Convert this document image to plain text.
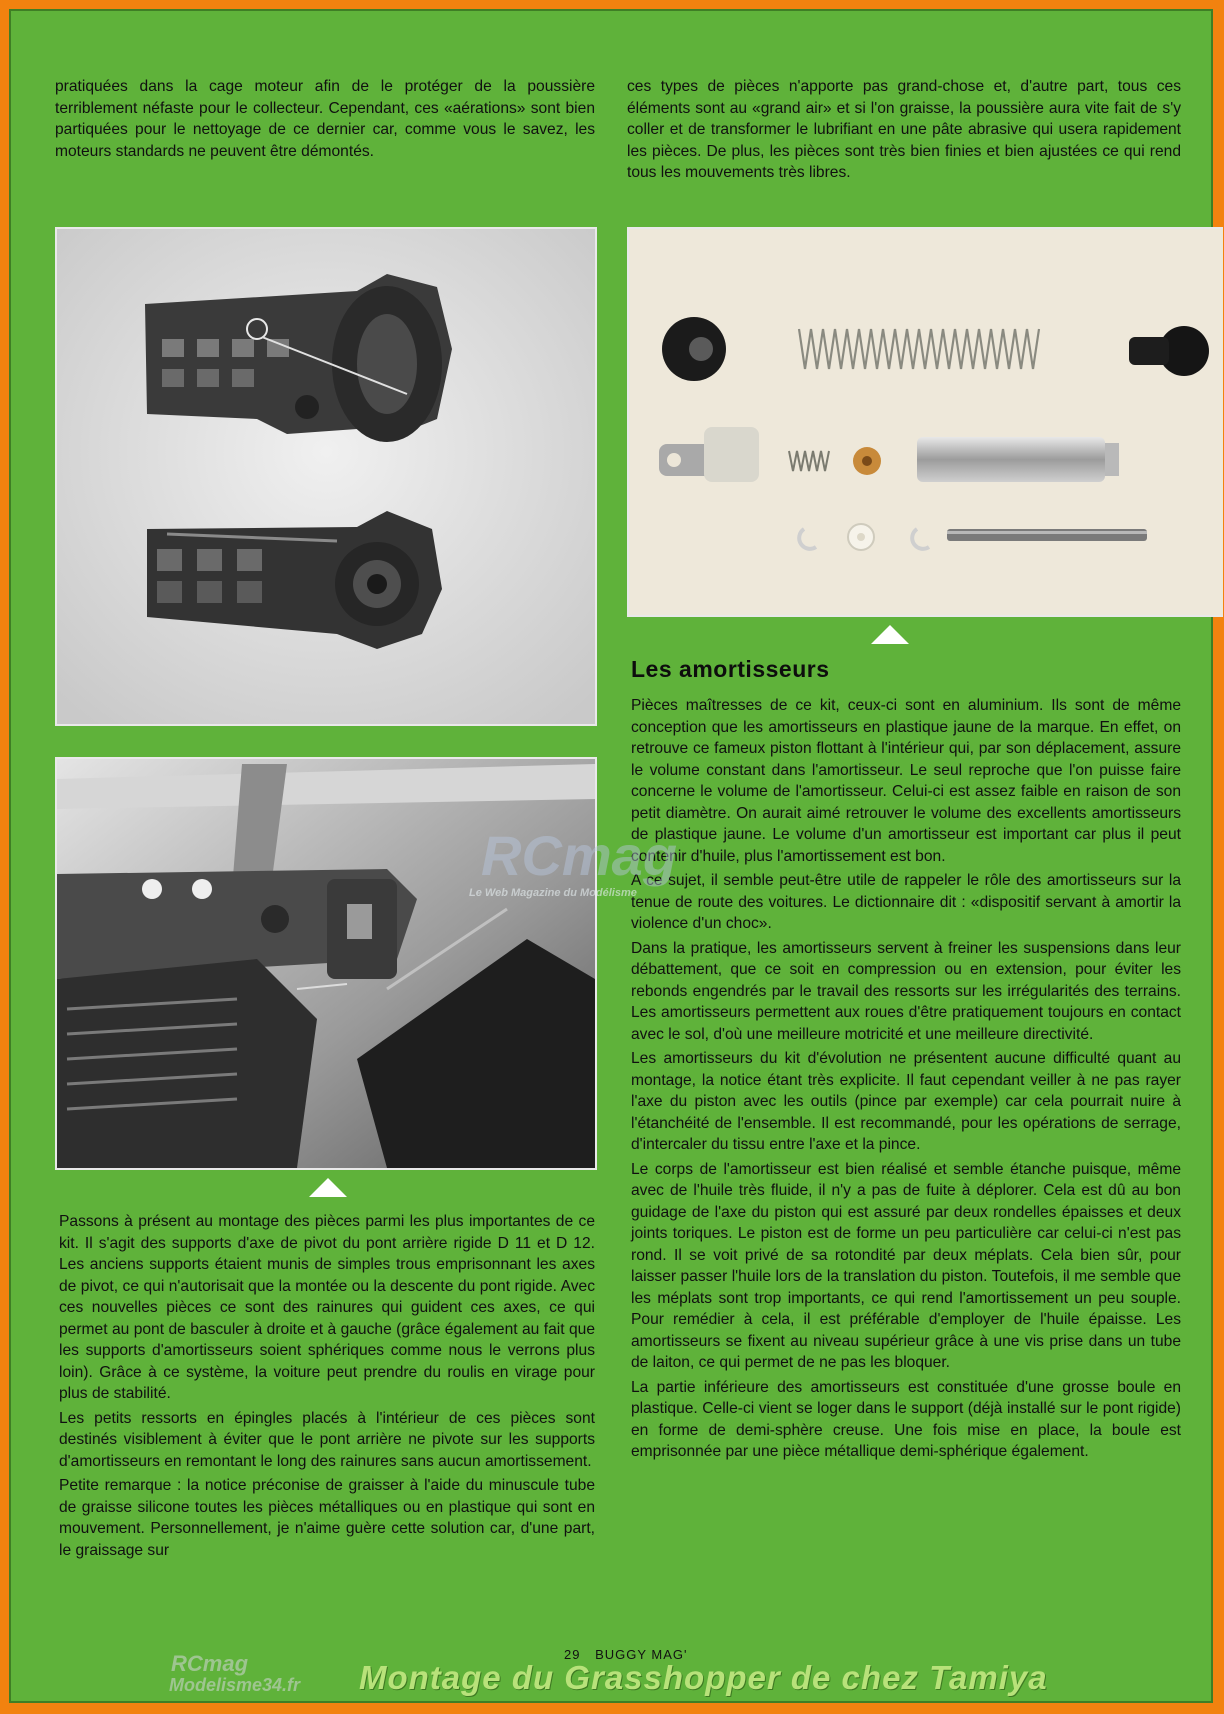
pratiquées dans la cage moteur afin de le protéger de la poussière terriblement néfaste pour le collecteur. Cependant, ces «aérations» sont bien partiquées pour le nettoyage de ce dernier car, comme vous le savez, les moteurs standards ne peuvent être démontés.

ces types de pièces n'apporte pas grand-chose et, d'autre part, tous ces éléments sont au «grand air» et si l'on graisse, la poussière aura vite fait de s'y coller et de transformer le lubrifiant en une pâte abrasive qui usera rapidement les pièces. De plus, les pièces sont très bien finies et bien ajustées ce qui rend tous les mouvements très libres.

Les amortisseurs

Passons à présent au montage des pièces parmi les plus importantes de ce kit. Il s'agit des supports d'axe de pivot du pont arrière rigide D 11 et D 12. Les anciens supports étaient munis de simples trous emprisonnant les axes de pivot, ce qui n'autorisait que la montée ou la descente du pont rigide. Avec ces nouvelles pièces ce sont des rainures qui guident ces axes, ce qui permet au pont de basculer à droite et à gauche (grâce également au fait que les supports d'amortisseurs soient sphériques comme nous le verrons plus loin). Grâce à ce système, la voiture peut prendre du roulis en virage pour plus de stabilité.

Les petits ressorts en épingles placés à l'intérieur de ces pièces sont destinés visiblement à éviter que le pont arrière ne pivote sur les supports d'amortisseurs en remontant le long des rainures sans aucun amortissement.

Petite remarque : la notice préconise de graisser à l'aide du minuscule tube de graisse silicone toutes les pièces métalliques ou en plastique qui sont en mouvement. Personnellement, je n'aime guère cette solution car, d'une part, le graissage sur

Pièces maîtresses de ce kit, ceux-ci sont en aluminium. Ils sont de même conception que les amortisseurs en plastique jaune de la marque. En effet, on retrouve ce fameux piston flottant à l'intérieur qui, par son déplacement, assure le volume constant dans l'amortisseur. Le seul reproche que l'on puisse faire concerne le volume de l'amortisseur. Celui-ci est assez faible en raison de son petit diamètre. On aurait aimé retrouver le volume des excellents amortisseurs de plastique jaune. Le volume d'un amortisseur est important car plus il peut contenir d'huile, plus l'amortissement est bon.

A ce sujet, il semble peut-être utile de rappeler le rôle des amortisseurs sur la tenue de route des voitures. Le dictionnaire dit : «dispositif servant à amortir la violence d'un choc».

Dans la pratique, les amortisseurs servent à freiner les suspensions dans leur débattement, que ce soit en compression ou en extension, pour éviter les rebonds engendrés par le travail des ressorts sur les irrégularités des terrains. Les amortisseurs permettent aux roues d'être pratiquement toujours en contact avec le sol, d'où une meilleure motricité et une meilleure directivité.

Les amortisseurs du kit d'évolution ne présentent aucune difficulté quant au montage, la notice étant très explicite. Il faut cependant veiller à ne pas rayer l'axe du piston avec les outils (pince par exemple) car cela pourrait nuire à l'étanchéité de l'ensemble. Il est recommandé, pour les opérations de serrage, d'intercaler du tissu entre l'axe et la pince.

Le corps de l'amortisseur est bien réalisé et semble étanche puisque, même avec de l'huile très fluide, il n'y a pas de fuite à déplorer. Cela est dû au bon guidage de l'axe du piston qui est assuré par deux rondelles épaisses et deux joints toriques. Le piston est de forme un peu particulière car celui-ci n'est pas rond. Il se voit privé de sa rotondité par deux méplats. Cela bien sûr, pour laisser passer l'huile lors de la translation du piston. Toutefois, il me semble que les méplats sont trop importants, ce qui rend l'amortissement un peu souple. Pour remédier à cela, il est préférable d'employer de l'huile épaisse. Les amortisseurs se fixent au niveau supérieur grâce à une vis prise dans un tube de laiton, ce qui permet de ne pas les bloquer.

La partie inférieure des amortisseurs est constituée d'une grosse boule en plastique. Celle-ci vient se loger dans le support (déjà installé sur le pont rigide) en forme de demi-sphère creuse. Une fois mise en place, la boule est emprisonnée par une pièce métallique demi-sphérique également.

RCmag
Le Web Magazine du Modélisme
29 BUGGY MAG'
Montage du Grasshopper de chez Tamiya
RCmag
Modelisme34.fr
